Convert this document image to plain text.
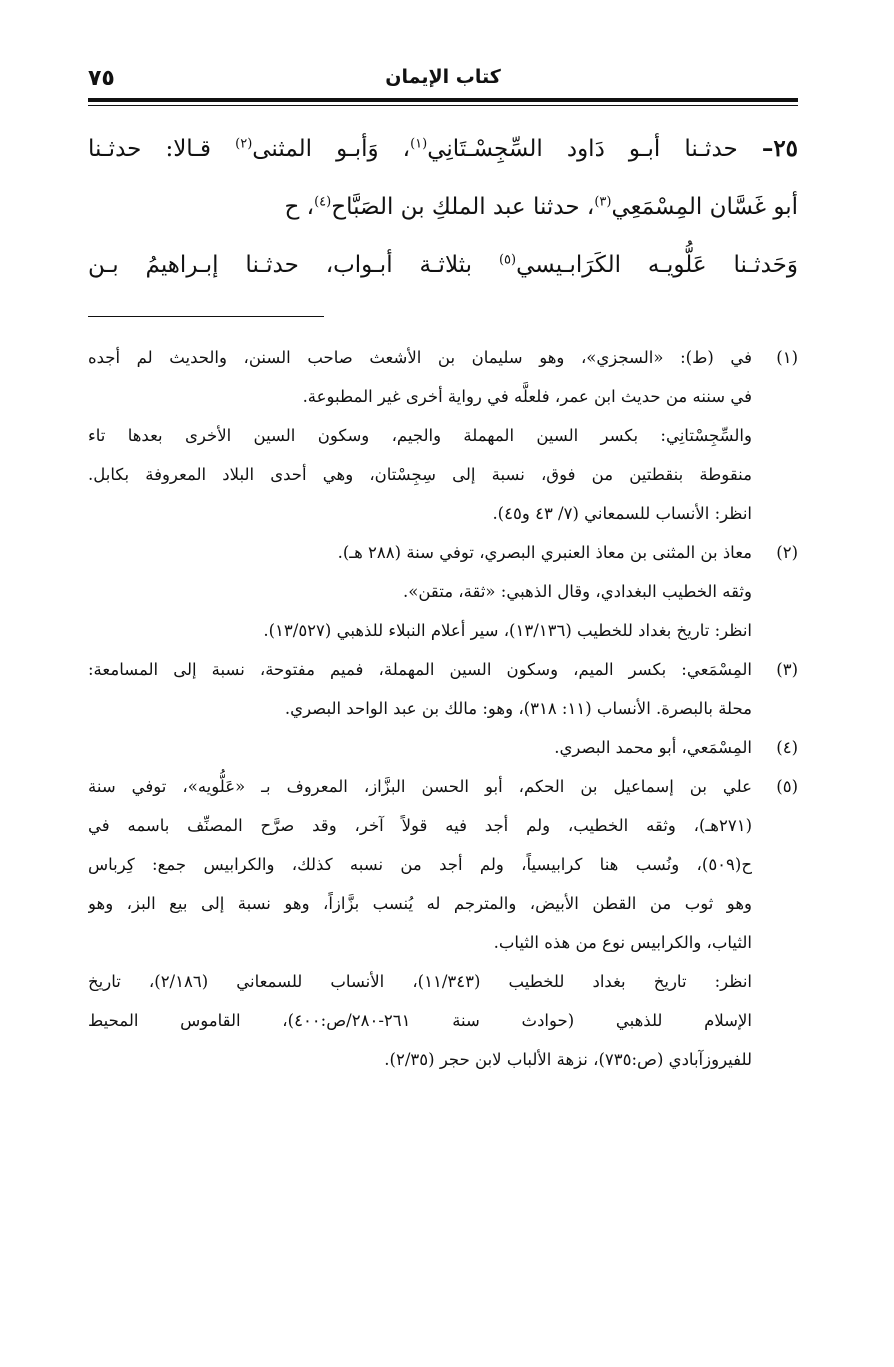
كتاب الإيمان
٧٥

٢٥– حدثـنا أبـو دَاود السِّجِسْـتَانِي$^{(١)}$، وَأبـو المثنى$^{(٢)}$ قـالا: حدثـنا

أبو غَسَّان المِسْمَعِي$^{(٣)}$، حدثنا عبد الملكِ بن الصَبَّاح$^{(٤)}$، ح

وَحَدثـنا عَلُّويـه الكَرَابـيسي$^{(٥)}$ بثلاثـة أبـواب، حدثـنا إبـراهيمُ بـن

(١)
في (ط): «السجزي»، وهو سليمان بن الأشعث صاحب السنن، والحديث لم أجده
في سننه من حديث ابن عمر، فلعلَّه في رواية أخرى غير المطبوعة.
والسِّجِسْتانِي: بكسر السين المهملة والجيم، وسكون السين الأخرى بعدها تاء
منقوطة بنقطتين من فوق، نسبة إلى سِجِسْتان، وهي أحدى البلاد المعروفة بكابل.
انظر: الأنساب للسمعاني (٧/ ٤٣ و٤٥).
(٢)
معاذ بن المثنى بن معاذ العنبري البصري، توفي سنة (٢٨٨ هـ).
وثقه الخطيب البغدادي، وقال الذهبي: «ثقة، متقن».
انظر: تاريخ بغداد للخطيب (١٣/١٣٦)، سير أعلام النبلاء للذهبي (١٣/٥٢٧).
(٣)
المِسْمَعي: بكسر الميم، وسكون السين المهملة، فميم مفتوحة، نسبة إلى المسامعة:
محلة بالبصرة. الأنساب (١١: ٣١٨)، وهو: مالك بن عبد الواحد البصري.
(٤)
المِسْمَعي، أبو محمد البصري.
(٥)
علي بن إسماعيل بن الحكم، أبو الحسن البزَّاز، المعروف بـ «عَلُّويه»، توفي سنة
(٢٧١هـ)، وثقه الخطيب، ولم أجد فيه قولاً آخر، وقد صرَّح المصنِّف باسمه في
ح(٥٠٩)، ونُسب هنا كرابيسياً، ولم أجد من نسبه كذلك، والكرابيس جمع: كِرباس
وهو ثوب من القطن الأبيض، والمترجم له يُنسب بزَّازاً، وهو نسبة إلى بيع البز، وهو
الثياب، والكرابيس نوع من هذه الثياب.
انظر: تاريخ بغداد للخطيب (١١/٣٤٣)، الأنساب للسمعاني (٢/١٨٦)، تاريخ
الإسلام للذهبي (حوادث سنة ٢٦١-٢٨٠/ص:٤٠٠)، القاموس المحيط
للفيروزآبادي (ص:٧٣٥)، نزهة الألباب لابن حجر (٢/٣٥).
